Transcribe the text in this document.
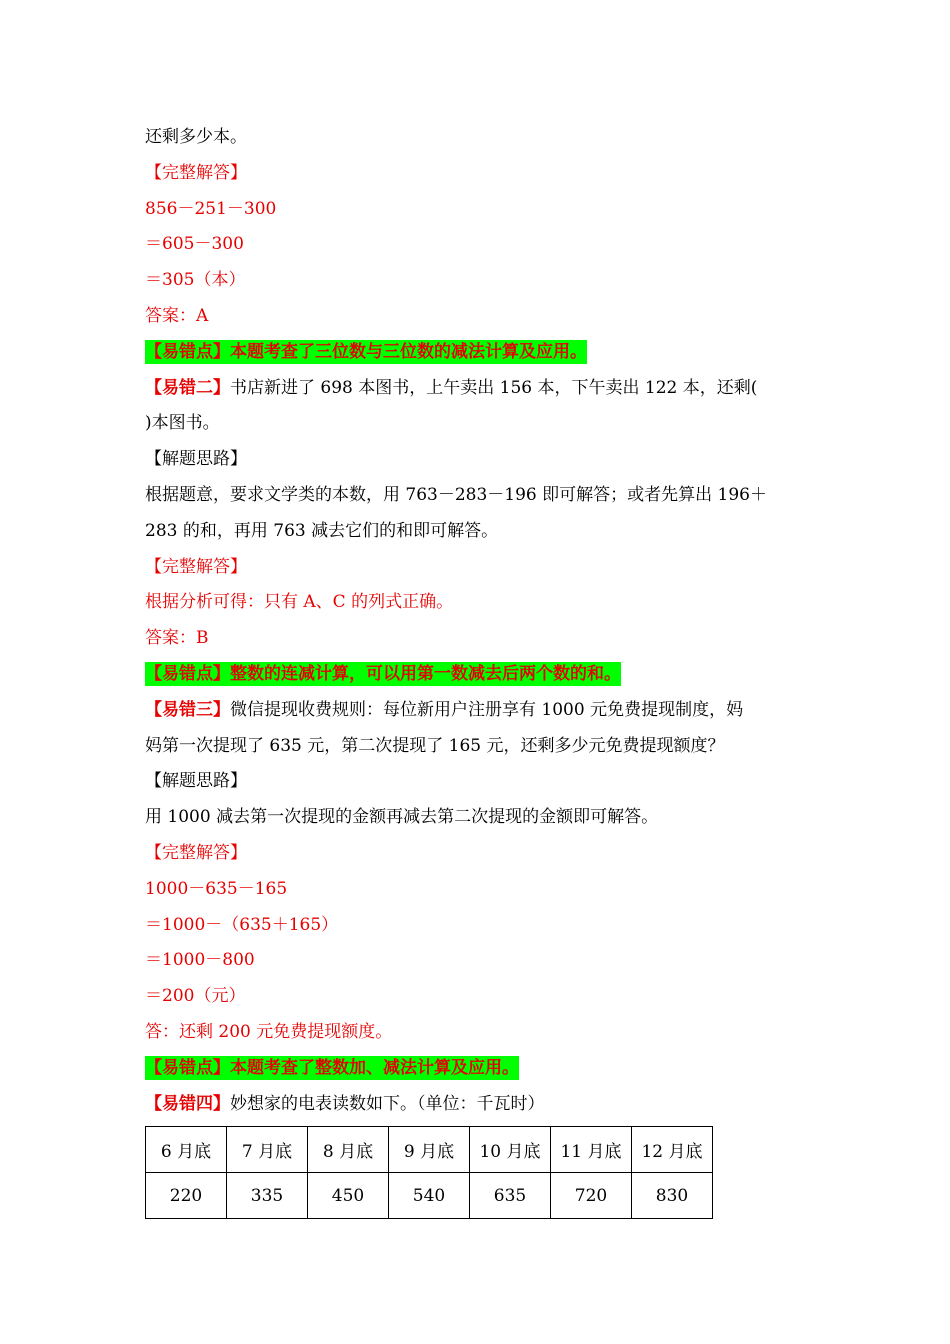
还剩多少本。
【完整解答】
856－251－300
＝605－300
＝305（本）
答案：A
【易错点】本题考查了三位数与三位数的减法计算及应用。
【易错二】书店新进了 698 本图书，上午卖出 156 本，下午卖出 122 本，还剩(
)本图书。
【解题思路】
根据题意，要求文学类的本数，用 763－283－196 即可解答；或者先算出 196＋
283 的和，再用 763 减去它们的和即可解答。
【完整解答】
根据分析可得：只有 A、C 的列式正确。
答案：B
【易错点】整数的连减计算，可以用第一数减去后两个数的和。
【易错三】微信提现收费规则：每位新用户注册享有 1000 元免费提现制度，妈
妈第一次提现了 635 元，第二次提现了 165 元，还剩多少元免费提现额度？
【解题思路】
用 1000 减去第一次提现的金额再减去第二次提现的金额即可解答。
【完整解答】
1000－635－165
＝1000－（635＋165）
＝1000－800
＝200（元）
答：还剩 200 元免费提现额度。
【易错点】本题考查了整数加、减法计算及应用。
【易错四】妙想家的电表读数如下。（单位：千瓦时）
6 月底	7 月底	8 月底	9 月底	10 月底	11 月底	12 月底
220	335	450	540	635	720	830
